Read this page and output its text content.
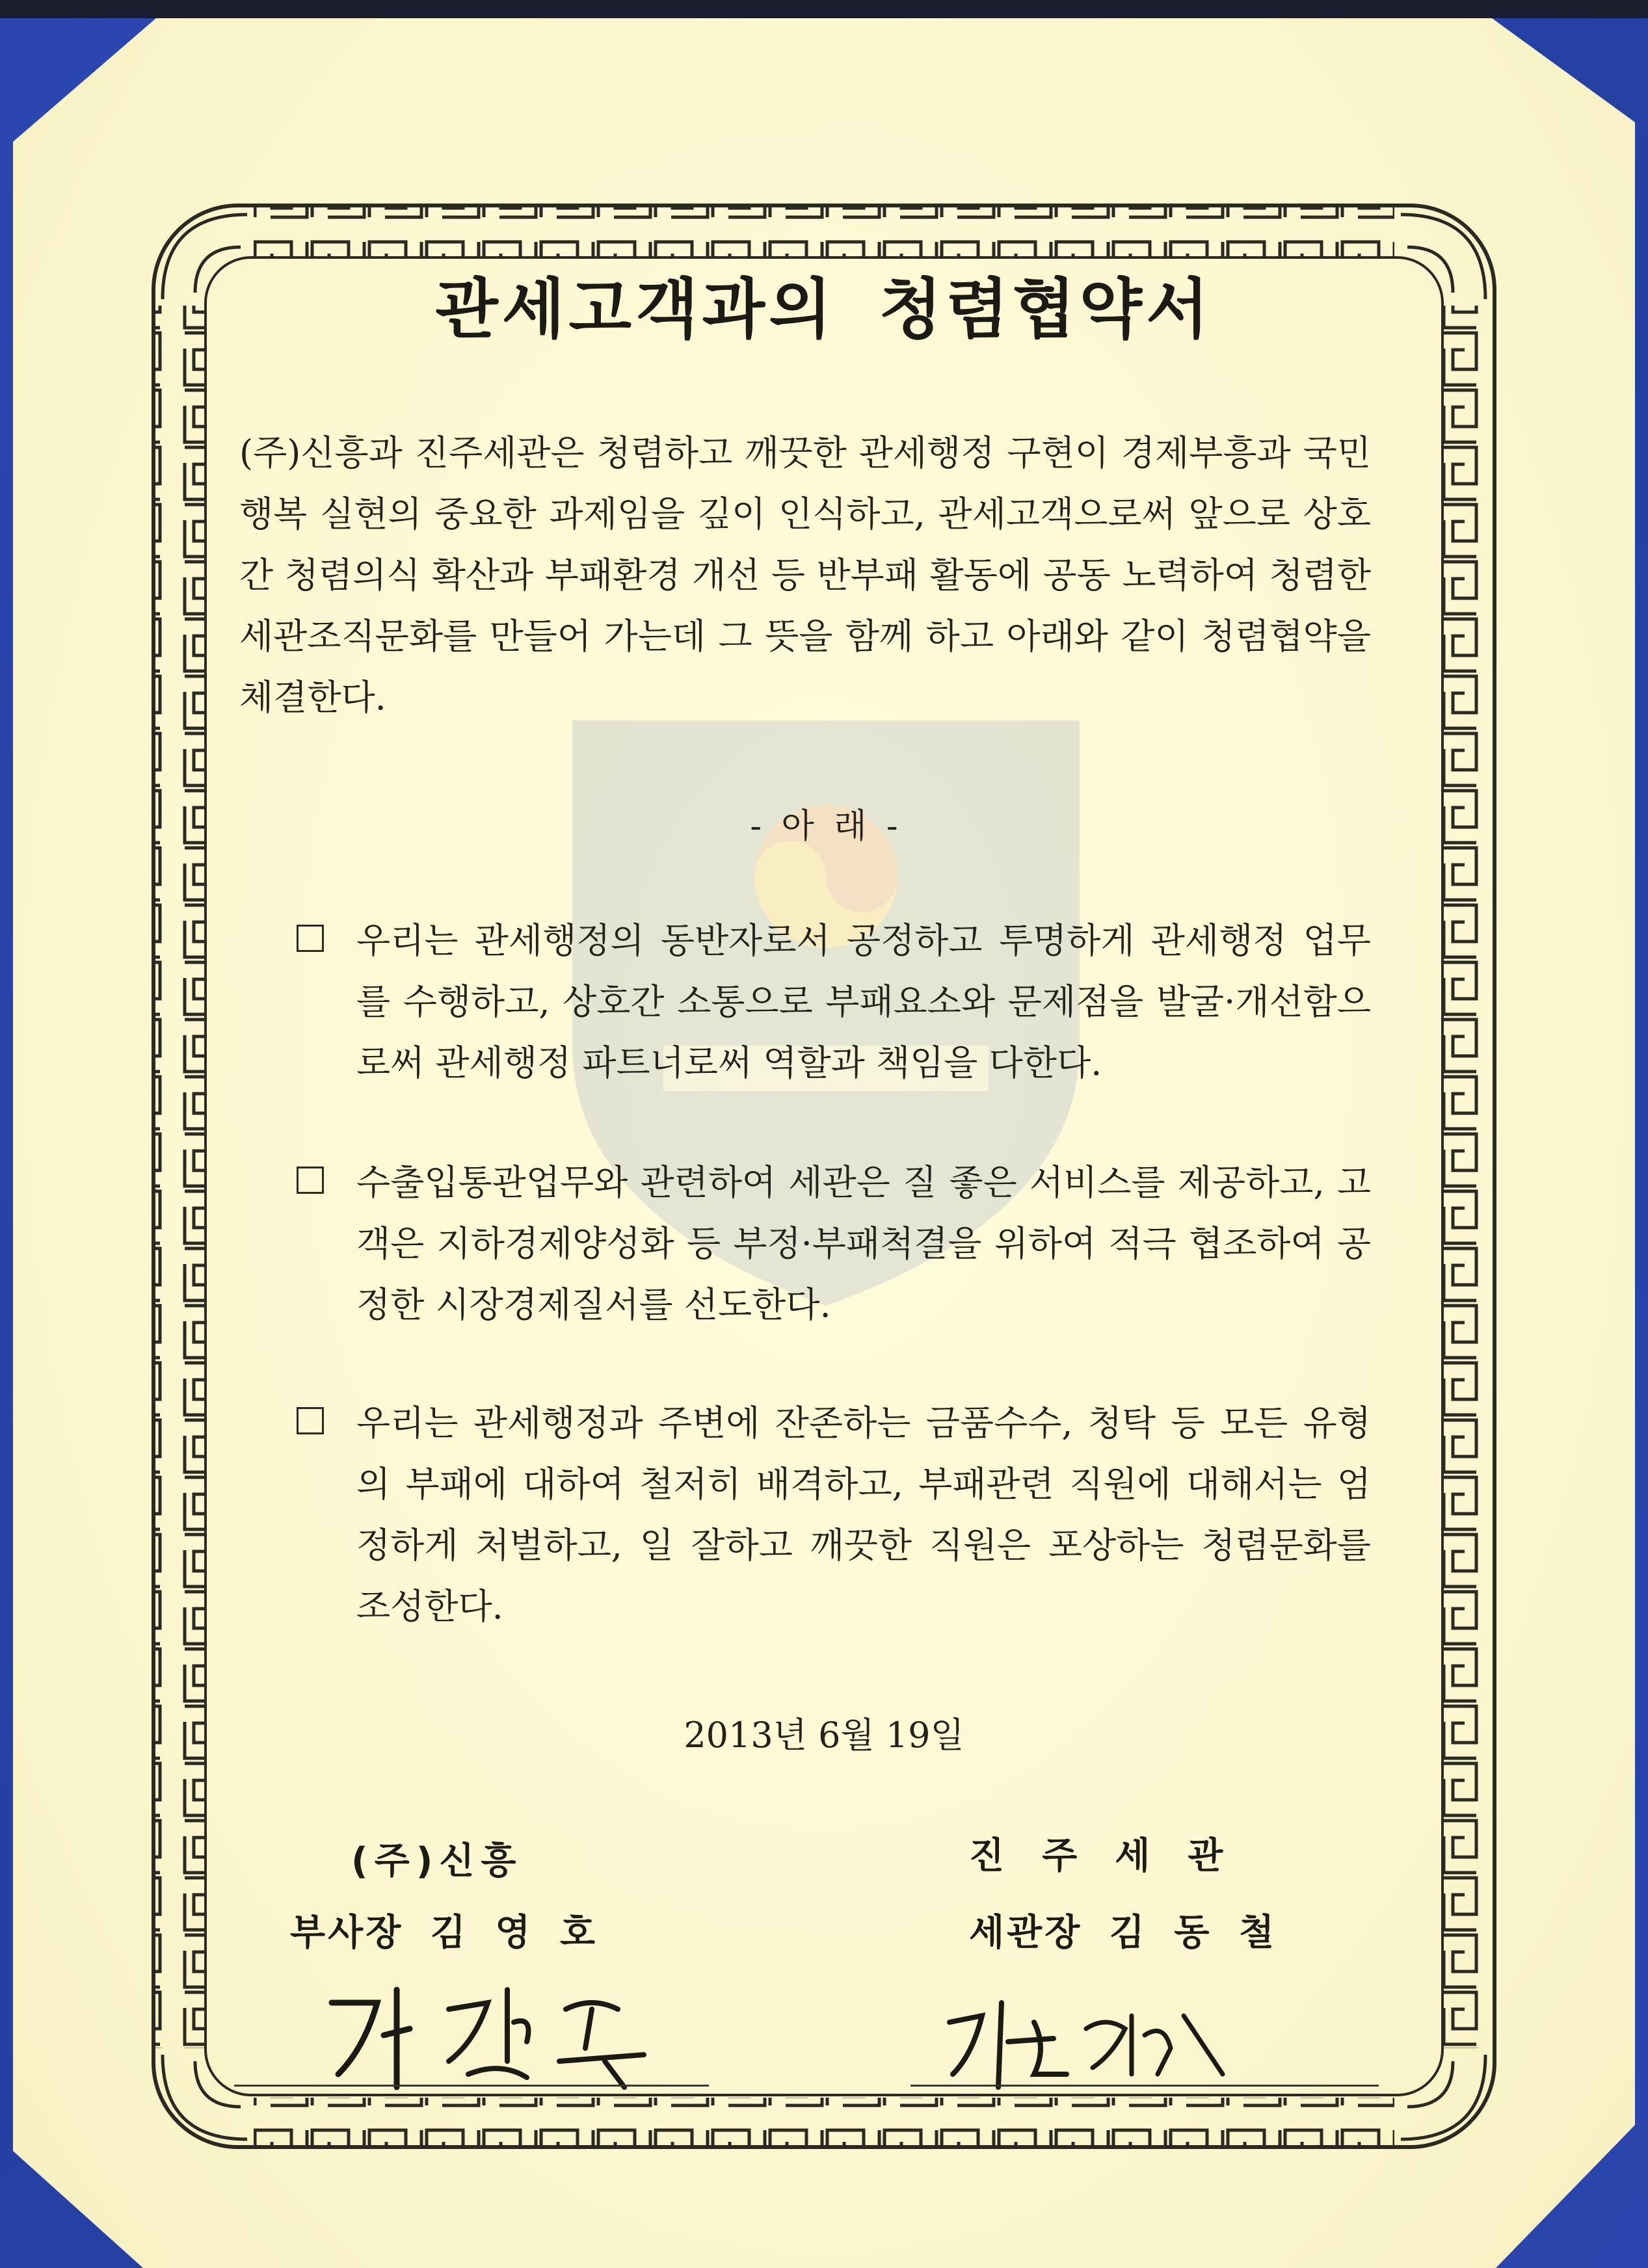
관세고객과의 청렴협약서
(주)신흥과 진주세관은 청렴하고 깨끗한 관세행정 구현이 경제부흥과 국민행복 실현의 중요한 과제임을 깊이 인식하고, 관세고객으로써 앞으로 상호간 청렴의식 확산과 부패환경 개선 등 반부패 활동에 공동 노력하여 청렴한 세관조직문화를 만들어 가는데 그 뜻을 함께 하고 아래와 같이 청렴협약을 체결한다.
- 아 래 -
우리는 관세행정의 동반자로서 공정하고 투명하게 관세행정 업무를 수행하고, 상호간 소통으로 부패요소와 문제점을 발굴·개선함으로써 관세행정 파트너로써 역할과 책임을 다한다.
수출입통관업무와 관련하여 세관은 질 좋은 서비스를 제공하고, 고객은 지하경제양성화 등 부정·부패척결을 위하여 적극 협조하여 공정한 시장경제질서를 선도한다.
우리는 관세행정과 주변에 잔존하는 금품수수, 청탁 등 모든 유형의 부패에 대하여 철저히 배격하고, 부패관련 직원에 대해서는 엄정하게 처벌하고, 일 잘하고 깨끗한 직원은 포상하는 청렴문화를 조성한다.
2013년 6월 19일
(주)신흥
부사장 김 영 호
진주세관
세관장 김 동 철
